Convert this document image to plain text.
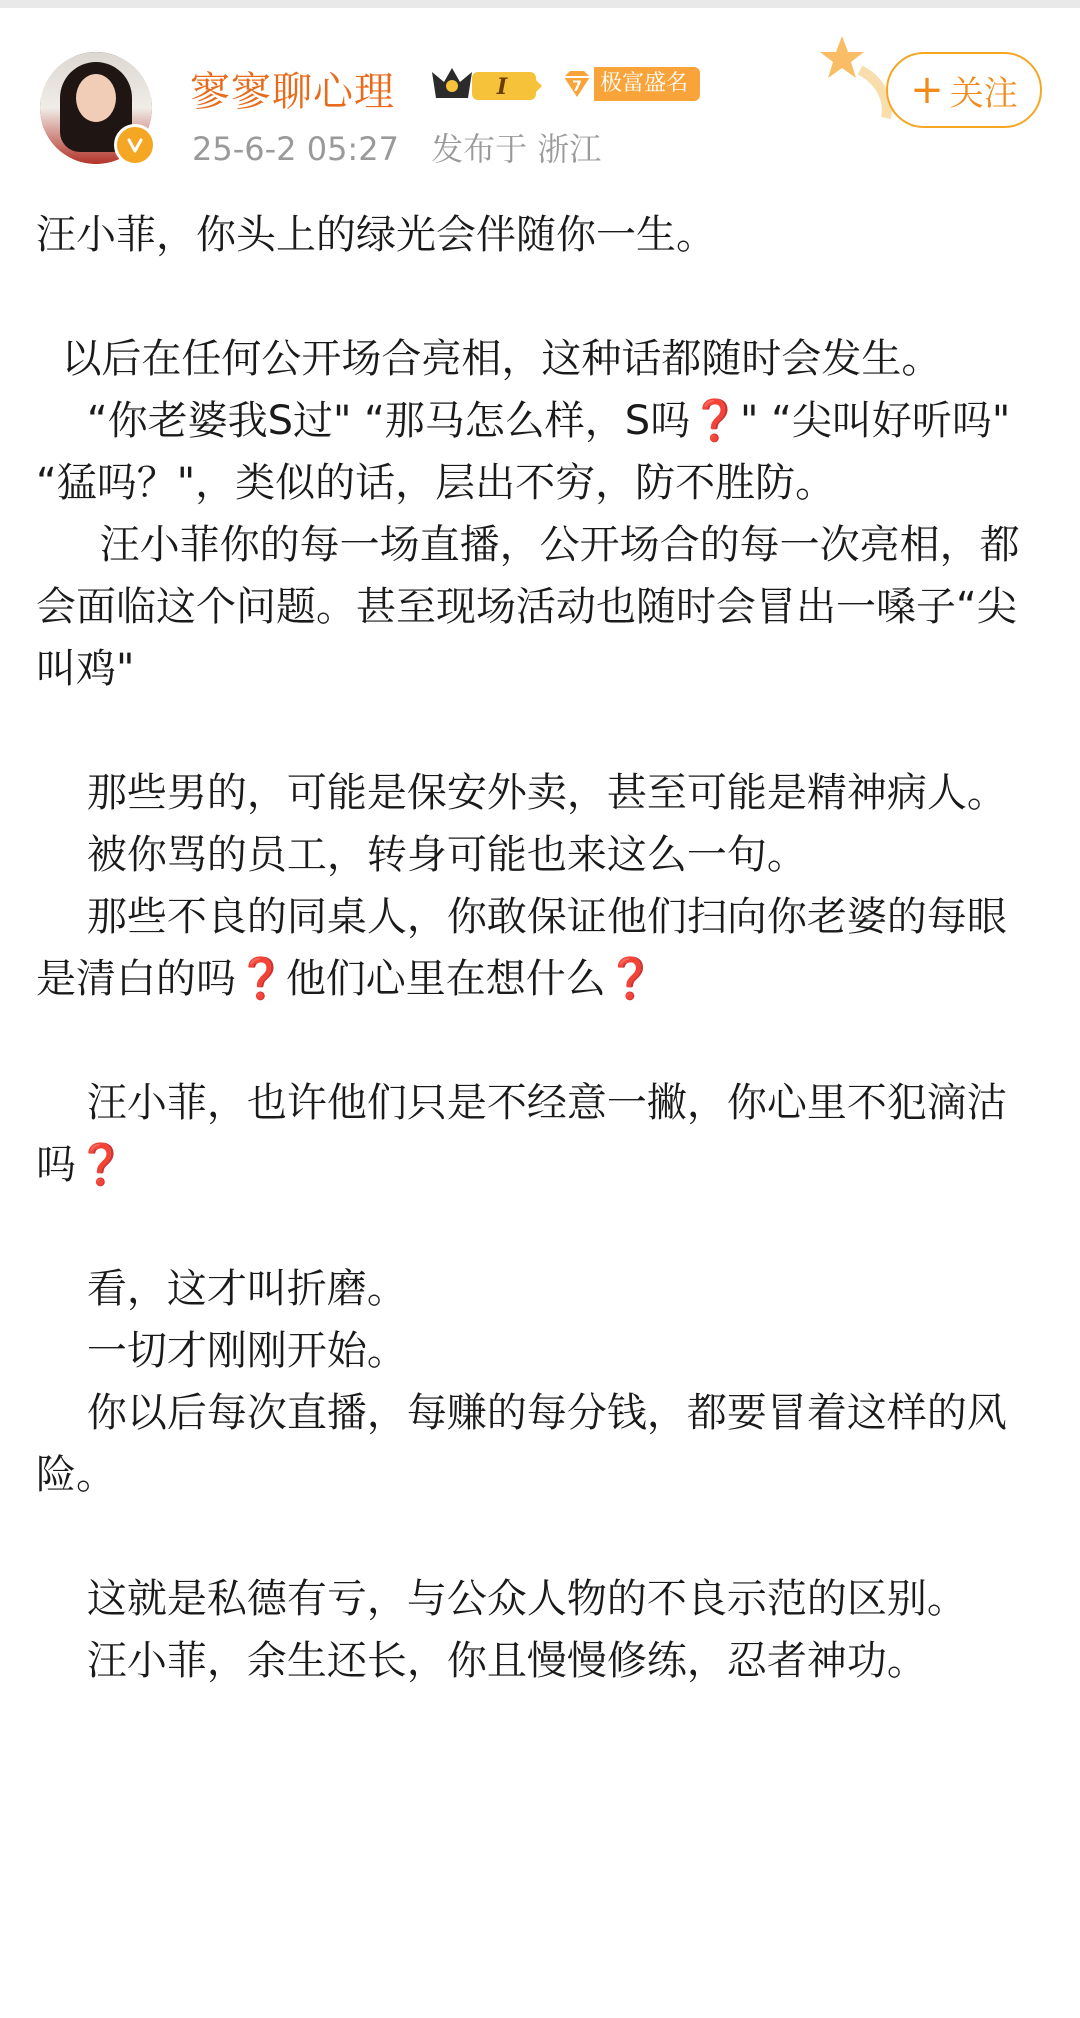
寥寥聊心理	I	7 极富盛名
25-6-2 05:27 发布于 浙江
+ 关注

汪小菲，你头上的绿光会伴随你一生。

以后在任何公开场合亮相，这种话都随时会发生。

“你老婆我S过" “那马怎么样，S吗❓" “尖叫好听吗" “猛吗？"，类似的话，层出不穷，防不胜防。

汪小菲你的每一场直播，公开场合的每一次亮相，都会面临这个问题。甚至现场活动也随时会冒出一嗓子“尖叫鸡"

那些男的，可能是保安外卖，甚至可能是精神病人。

被你骂的员工，转身可能也来这么一句。

那些不良的同桌人，你敢保证他们扫向你老婆的每眼是清白的吗❓他们心里在想什么❓

汪小菲，也许他们只是不经意一撇，你心里不犯滴沽吗❓

看，这才叫折磨。

一切才刚刚开始。

你以后每次直播，每赚的每分钱，都要冒着这样的风险。

这就是私德有亏，与公众人物的不良示范的区别。

汪小菲，余生还长，你且慢慢修练，忍者神功。
